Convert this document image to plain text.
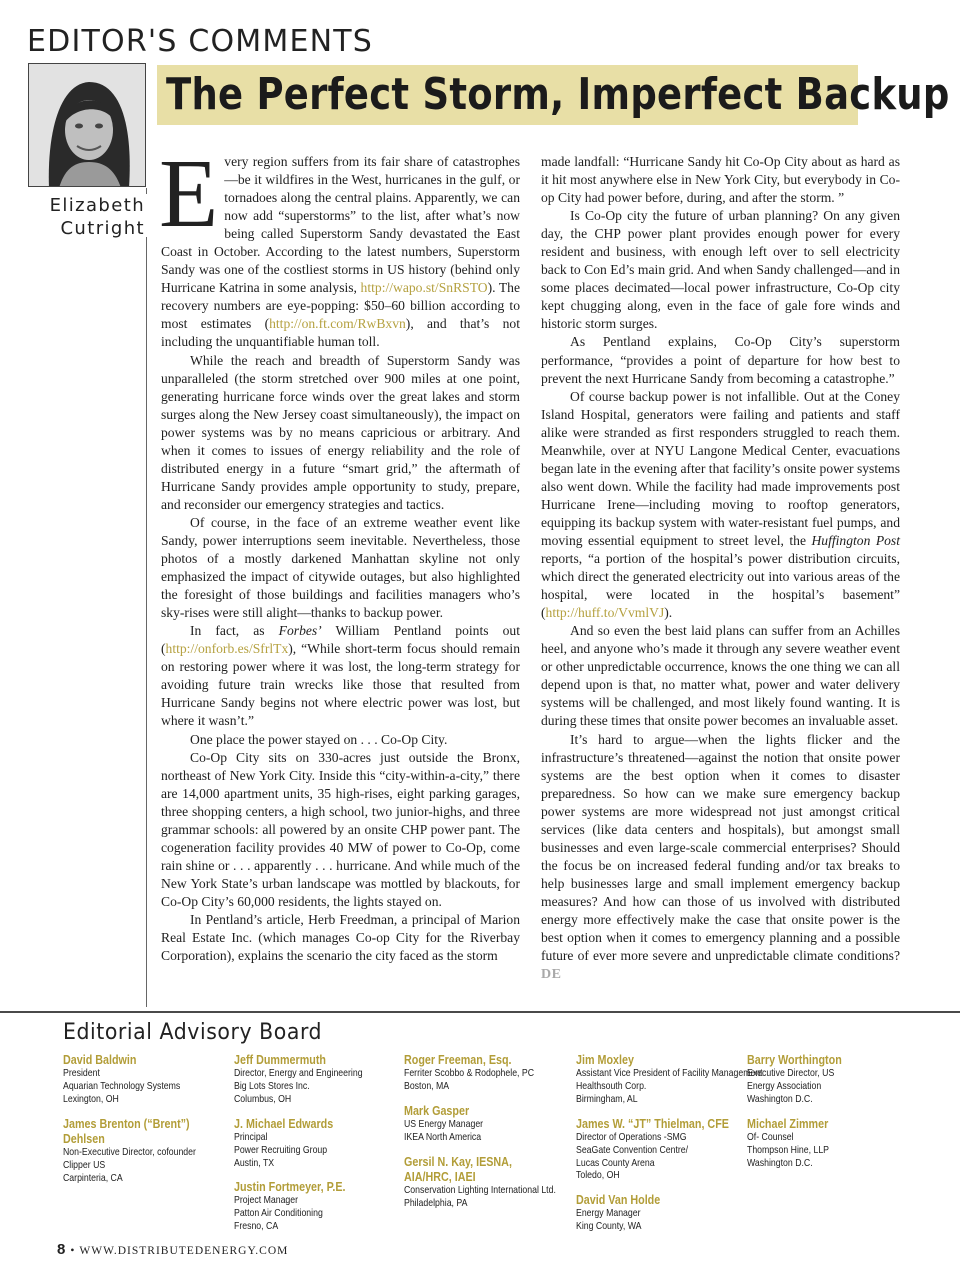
EDITOR'S COMMENTS
The Perfect Storm, Imperfect Backup
Elizabeth
Cutright Every region suffers from its fair share of catastrophes—be it wildfires in the West, hurricanes in the gulf, or tornadoes along the central plains. Apparently, we can now add “superstorms” to the list, after what’s now being called Superstorm Sandy devastated the East Coast in October. According to the latest numbers, Superstorm Sandy was one of the costliest storms in US history (behind only Hurricane Katrina in some analysis, http://wapo.st/SnRSTO). The recovery numbers are eye-popping: $50–60 billion according to most estimates (http://on.ft.com/RwBxvn), and that’s not including the unquantifiable human toll.

While the reach and breadth of Superstorm Sandy was unparalleled (the storm stretched over 900 miles at one point, generating hurricane force winds over the great lakes and storm surges along the New Jersey coast simultaneously), the impact on power systems was by no means capricious or arbitrary. And when it comes to issues of energy reliability and the role of distributed energy in a future “smart grid,” the aftermath of Hurricane Sandy provides ample opportunity to study, prepare, and reconsider our emergency strategies and tactics.

Of course, in the face of an extreme weather event like Sandy, power interruptions seem inevitable. Nevertheless, those photos of a mostly darkened Manhattan skyline not only emphasized the impact of citywide outages, but also highlighted the foresight of those buildings and facilities managers who’s sky-rises were still alight—thanks to backup power.

In fact, as Forbes’ William Pentland points out (http://onforb.es/SfrlTx), “While short-term focus should remain on restoring power where it was lost, the long-term strategy for avoiding future train wrecks like those that resulted from Hurricane Sandy begins not where electric power was lost, but where it wasn’t.”

One place the power stayed on . . . Co-Op City.

Co-Op City sits on 330-acres just outside the Bronx, northeast of New York City. Inside this “city-within-a-city,” there are 14,000 apartment units, 35 high-rises, eight parking garages, three shopping centers, a high school, two junior-highs, and three grammar schools: all powered by an onsite CHP power pant. The cogeneration facility provides 40 MW of power to Co-Op, come rain shine or . . . apparently . . . hurricane. And while much of the New York State’s urban landscape was mottled by blackouts, for Co-Op City’s 60,000 residents, the lights stayed on.

In Pentland’s article, Herb Freedman, a principal of Marion Real Estate Inc. (which manages Co-op City for the Riverbay Corporation), explains the scenario the city faced as the storm

made landfall: “Hurricane Sandy hit Co-Op City about as hard as it hit most anywhere else in New York City, but everybody in Co-op City had power before, during, and after the storm. ”

Is Co-Op city the future of urban planning? On any given day, the CHP power plant provides enough power for every resident and business, with enough left over to sell electricity back to Con Ed’s main grid. And when Sandy challenged—and in some places decimated—local power infrastructure, Co-Op city kept chugging along, even in the face of gale fore winds and historic storm surges.

As Pentland explains, Co-Op City’s superstorm performance, “provides a point of departure for how best to prevent the next Hurricane Sandy from becoming a catastrophe.”

Of course backup power is not infallible. Out at the Coney Island Hospital, generators were failing and patients and staff alike were stranded as first responders struggled to reach them. Meanwhile, over at NYU Langone Medical Center, evacuations began late in the evening after that facility’s onsite power systems also went down. While the facility had made improvements post Hurricane Irene—including moving to rooftop generators, equipping its backup system with water-resistant fuel pumps, and moving essential equipment to street level, the Huffington Post reports, “a portion of the hospital’s power distribution circuits, which direct the generated electricity out into various areas of the hospital, were located in the hospital’s basement” (http://huff.to/VvmlVJ).

And so even the best laid plans can suffer from an Achilles heel, and anyone who’s made it through any severe weather event or other unpredictable occurrence, knows the one thing we can all depend upon is that, no matter what, power and water delivery systems will be challenged, and most likely found wanting. It is during these times that onsite power becomes an invaluable asset.

It’s hard to argue—when the lights flicker and the infrastructure’s threatened—against the notion that onsite power systems are the best option when it comes to disaster preparedness. So how can we make sure emergency backup power systems are more widespread not just amongst critical services (like data centers and hospitals), but amongst small businesses and even large-scale commercial enterprises? Should the focus be on increased federal funding and/or tax breaks to help businesses large and small implement emergency backup measures? And how can those of us involved with distributed energy more effectively make the case that onsite power is the best option when it comes to emergency planning and a possible future of ever more severe and unpredictable climate conditions? DE

Editorial Advisory Board
David Baldwin
President
Aquarian Technology Systems
Lexington, OH
James Brenton (“Brent”) Dehlsen
Non-Executive Director, cofounder
Clipper US
Carpinteria, CA
Jeff Dummermuth
Director, Energy and Engineering
Big Lots Stores Inc.
Columbus, OH
J. Michael Edwards
Principal
Power Recruiting Group
Austin, TX
Justin Fortmeyer, P.E.
Project Manager
Patton Air Conditioning
Fresno, CA
Roger Freeman, Esq.
Ferriter Scobbo & Rodophele, PC
Boston, MA
Mark Gasper
US Energy Manager
IKEA North America
Gersil N. Kay, IESNA, AIA/HRC, IAEI
Conservation Lighting International Ltd.
Philadelphia, PA
Jim Moxley
Assistant Vice President of Facility Management
Healthsouth Corp.
Birmingham, AL
James W. “JT” Thielman, CFE
Director of Operations -SMG
SeaGate Convention Centre/
Lucas County Arena
Toledo, OH
David Van Holde
Energy Manager
King County, WA
Barry Worthington
Executive Director, US
Energy Association
Washington D.C.
Michael Zimmer
Of- Counsel
Thompson Hine, LLP
Washington D.C.
8 • WWW.DISTRIBUTEDENERGY.COM
